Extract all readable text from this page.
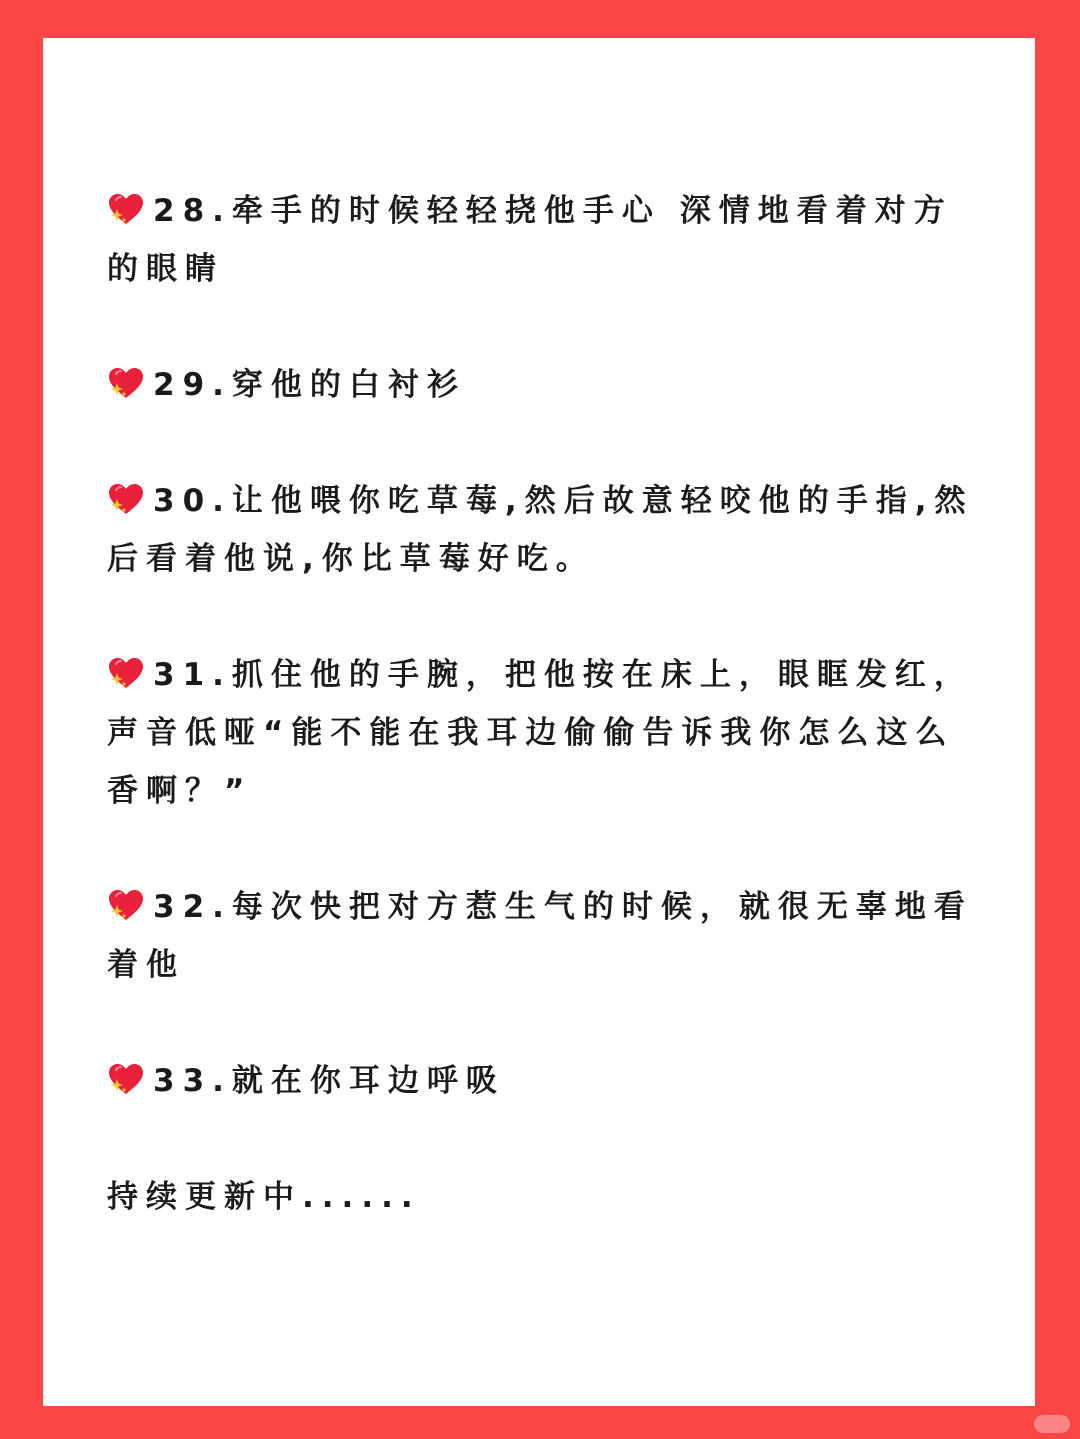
28.牵手的时候轻轻挠他手心 深情地看着对方的眼睛
29.穿他的白衬衫
30.让他喂你吃草莓,然后故意轻咬他的手指,然后看着他说,你比草莓好吃。
31.抓住他的手腕，把他按在床上，眼眶发红，声音低哑“能不能在我耳边偷偷告诉我你怎么这么香啊？”
32.每次快把对方惹生气的时候，就很无辜地看着他
33.就在你耳边呼吸
持续更新中......
